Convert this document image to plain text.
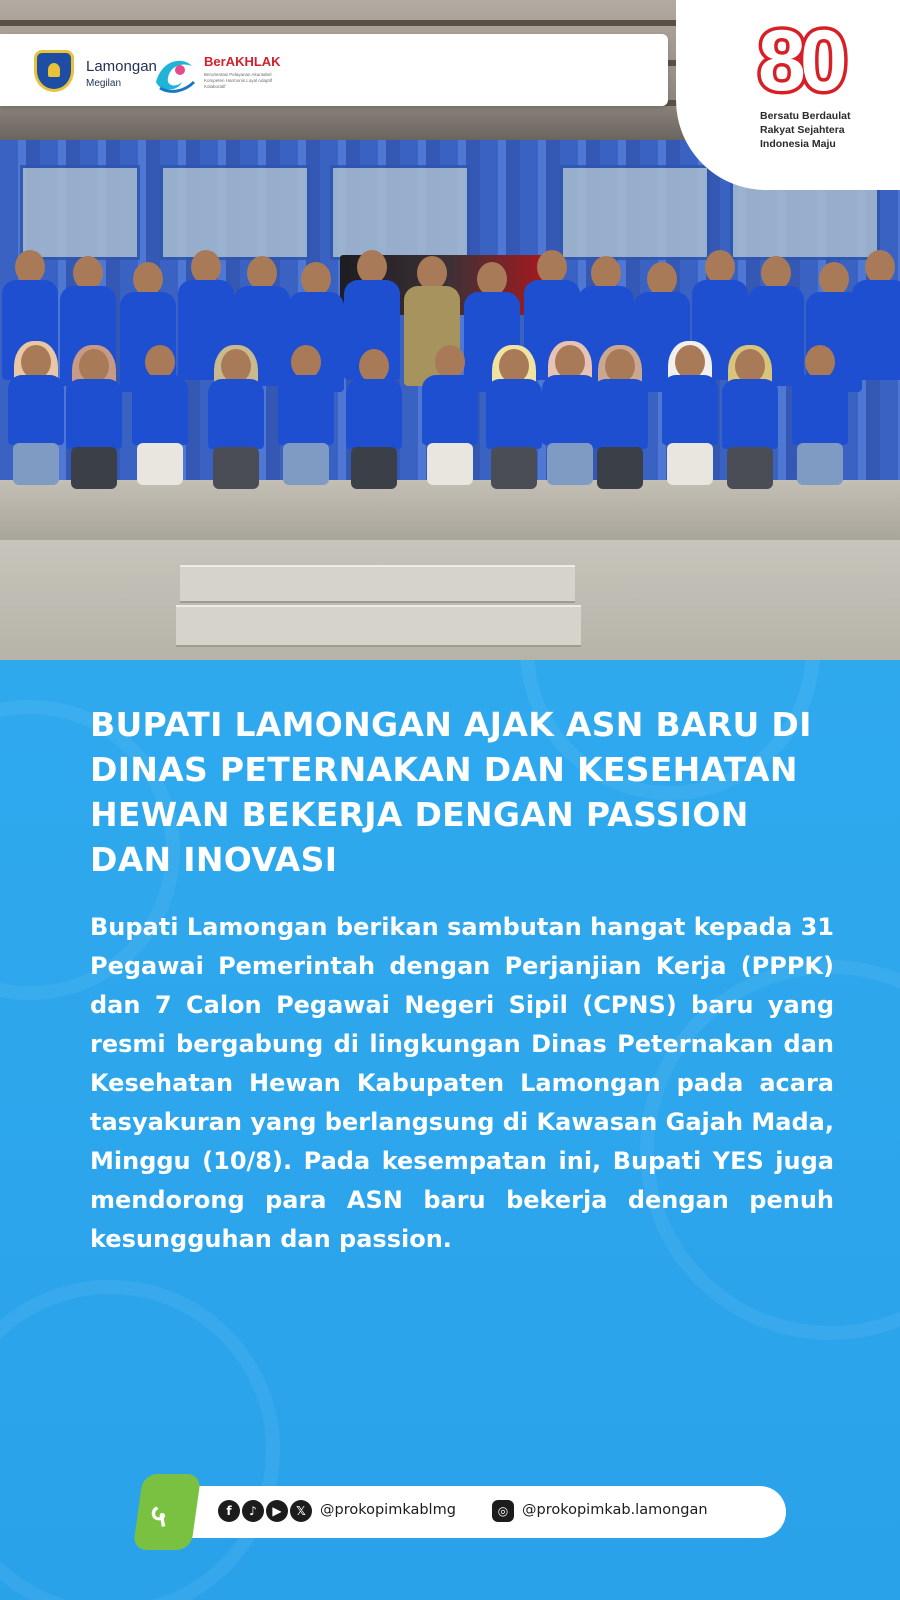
Lamongan
Megilan
BerAKHLAK
Berorientasi Pelayanan Akuntabel Kompeten Harmonis Loyal Adaptif Kolaboratif	80
Bersatu Berdaulat
Rakyat Sejahtera
Indonesia Maju
BUPATI LAMONGAN AJAK ASN BARU DI DINAS PETERNAKAN DAN KESEHATAN HEWAN BEKERJA DENGAN PASSION DAN INOVASI

Bupati Lamongan berikan sambutan hangat kepada 31 Pegawai Pemerintah dengan Perjanjian Kerja (PPPK) dan 7 Calon Pegawai Negeri Sipil (CPNS) baru yang resmi bergabung di lingkungan Dinas Peternakan dan Kesehatan Hewan Kabupaten Lamongan pada acara tasyakuran yang berlangsung di Kawasan Gajah Mada, Minggu (10/8). Pada kesempatan ini, Bupati YES juga mendorong para ASN baru bekerja dengan penuh kesungguhan dan passion.

५	f	♪	▶	𝕏 @prokopimkablmg	◎ @prokopimkab.lamongan
